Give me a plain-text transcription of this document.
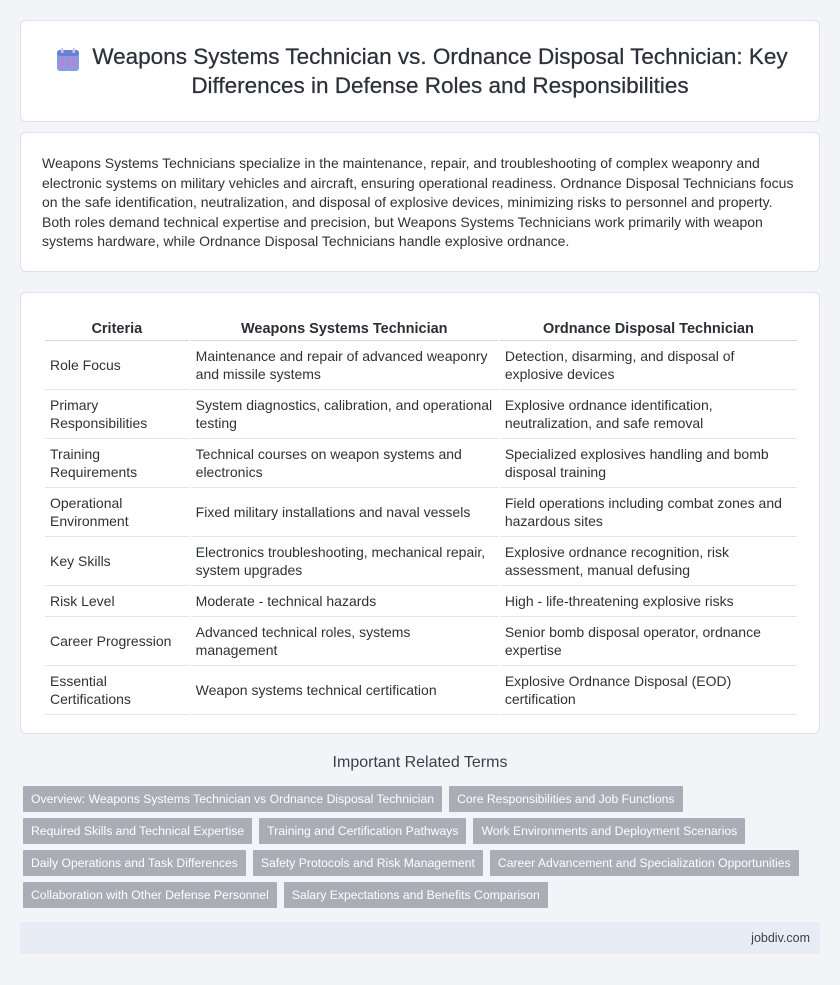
Weapons Systems Technician vs. Ordnance Disposal Technician: Key Differences in Defense Roles and Responsibilities

Weapons Systems Technicians specialize in the maintenance, repair, and troubleshooting of complex weaponry and electronic systems on military vehicles and aircraft, ensuring operational readiness. Ordnance Disposal Technicians focus on the safe identification, neutralization, and disposal of explosive devices, minimizing risks to personnel and property. Both roles demand technical expertise and precision, but Weapons Systems Technicians work primarily with weapon systems hardware, while Ordnance Disposal Technicians handle explosive ordnance.

Criteria	Weapons Systems Technician	Ordnance Disposal Technician
Role Focus	Maintenance and repair of advanced weaponry and missile systems	Detection, disarming, and disposal of explosive devices
Primary Responsibilities	System diagnostics, calibration, and operational testing	Explosive ordnance identification, neutralization, and safe removal
Training Requirements	Technical courses on weapon systems and electronics	Specialized explosives handling and bomb disposal training
Operational Environment	Fixed military installations and naval vessels	Field operations including combat zones and hazardous sites
Key Skills	Electronics troubleshooting, mechanical repair, system upgrades	Explosive ordnance recognition, risk assessment, manual defusing
Risk Level	Moderate - technical hazards	High - life-threatening explosive risks
Career Progression	Advanced technical roles, systems management	Senior bomb disposal operator, ordnance expertise
Essential Certifications	Weapon systems technical certification	Explosive Ordnance Disposal (EOD) certification
Important Related Terms
Overview: Weapons Systems Technician vs Ordnance Disposal Technician	Core Responsibilities and Job Functions
Required Skills and Technical Expertise	Training and Certification Pathways	Work Environments and Deployment Scenarios
Daily Operations and Task Differences	Safety Protocols and Risk Management	Career Advancement and Specialization Opportunities
Collaboration with Other Defense Personnel	Salary Expectations and Benefits Comparison
jobdiv.com
